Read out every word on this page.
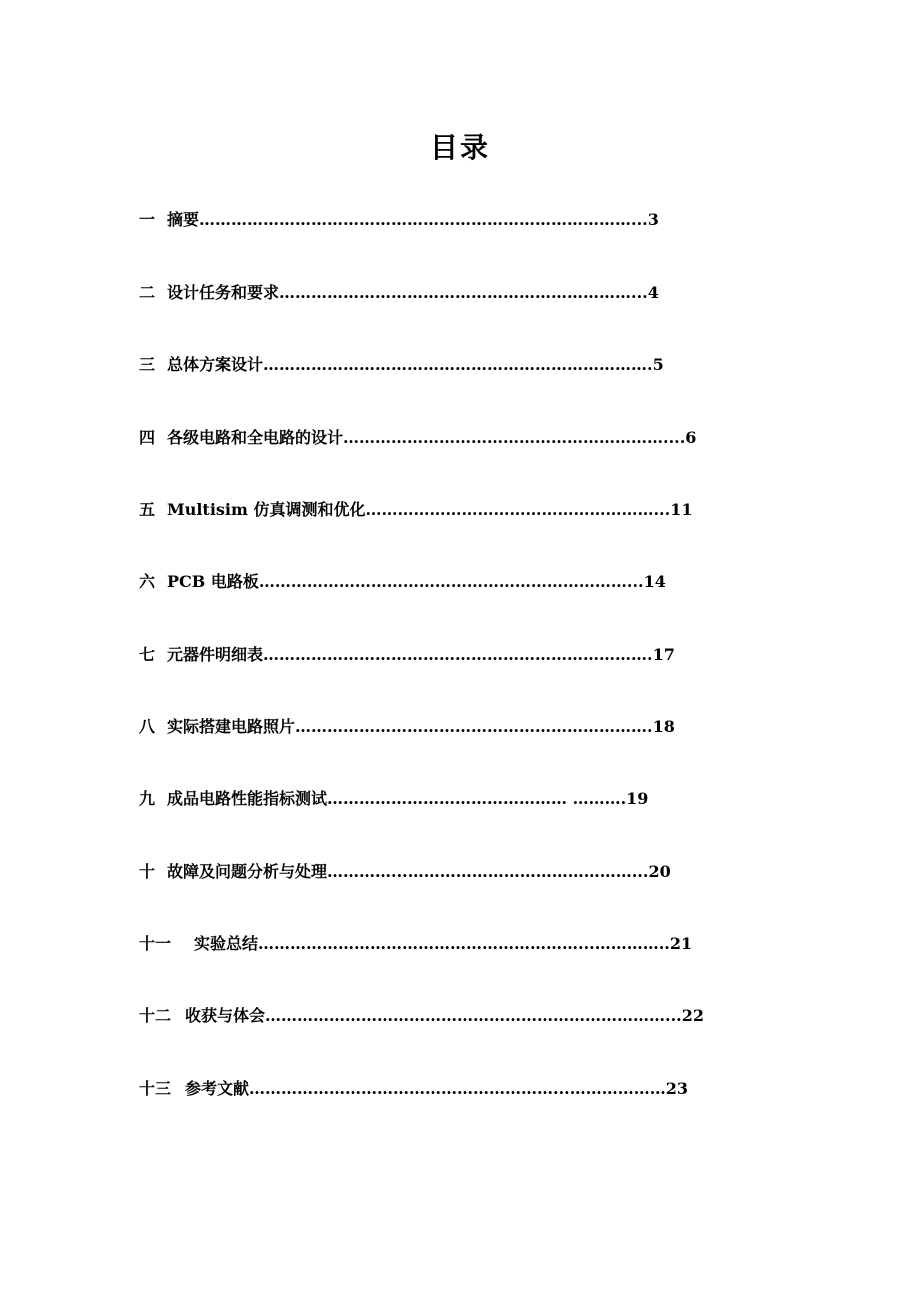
目录
一 摘要………………………………………………………………………...3
二 设计任务和要求…………………………………………………………...4
三 总体方案设计……………………………………………………………….5
四 各级电路和全电路的设计……………………………………………………....6
五 Multisim 仿真调测和优化………………………………………………...11
六 PCB 电路板……………………………………………………………...14
七 元器件明细表……………………………………………………………….17
八 实际搭建电路照片………………………………………………………….18
九 成品电路性能指标测试……………………………………… ……….19
十 故障及问题分析与处理…………...……………………………………...20
十一 实验总结……………………………………………………...…………..21
十二 收获与体会…………………………………………………………………...22
十三 参考文献…………………………………………………...………………23
